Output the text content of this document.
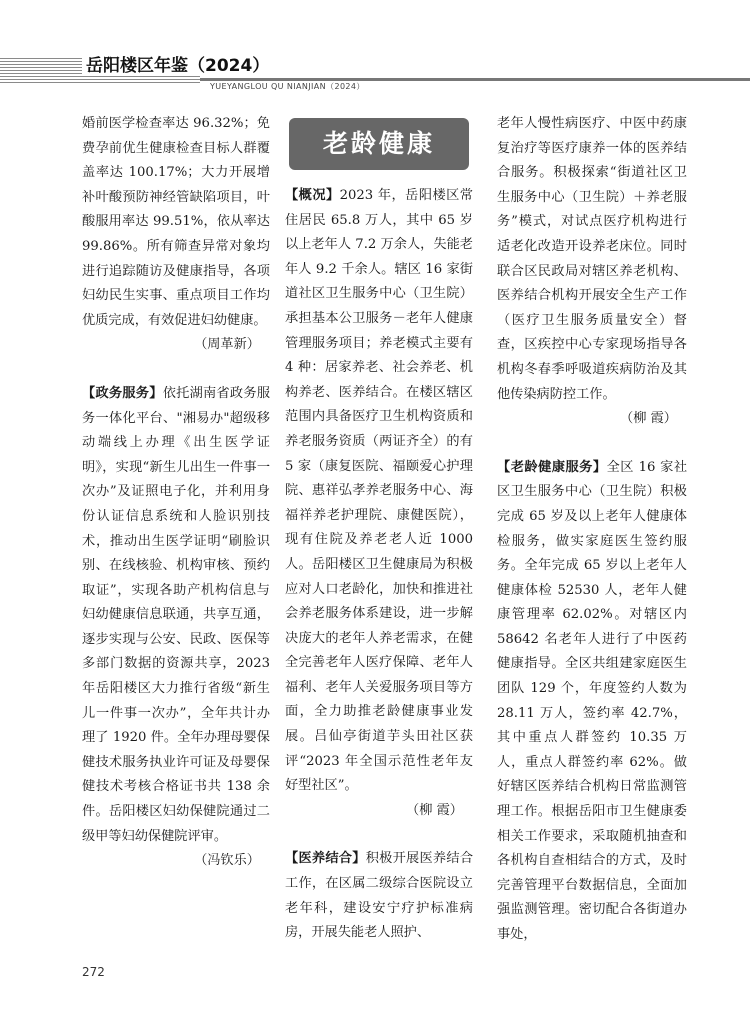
岳阳楼区年鉴（2024）

YUEYANGLOU QU NIANJIAN（2024）

婚前医学检查率达 96.32%；免费孕前优生健康检查目标人群覆盖率达 100.17%；大力开展增补叶酸预防神经管缺陷项目，叶酸服用率达 99.51%，依从率达 99.86%。所有筛查异常对象均进行追踪随访及健康指导，各项妇幼民生实事、重点项目工作均优质完成，有效促进妇幼健康。

（周革新）

【政务服务】依托湖南省政务服务一体化平台、"湘易办"超级移动端线上办理《出生医学证明》，实现“新生儿出生一件事一次办”及证照电子化，并利用身份认证信息系统和人脸识别技术，推动出生医学证明“刷脸识别、在线核验、机构审核、预约取证”，实现各助产机构信息与妇幼健康信息联通，共享互通，逐步实现与公安、民政、医保等多部门数据的资源共享，2023 年岳阳楼区大力推行省级“新生儿一件事一次办”，全年共计办理了 1920 件。全年办理母婴保健技术服务执业许可证及母婴保健技术考核合格证书共 138 余件。岳阳楼区妇幼保健院通过二级甲等妇幼保健院评审。

（冯钦乐）

老龄健康

【概况】2023 年，岳阳楼区常住居民 65.8 万人，其中 65 岁以上老年人 7.2 万余人，失能老年人 9.2 千余人。辖区 16 家街道社区卫生服务中心（卫生院）承担基本公卫服务－老年人健康管理服务项目；养老模式主要有 4 种：居家养老、社会养老、机构养老、医养结合。在楼区辖区范围内具备医疗卫生机构资质和养老服务资质（两证齐全）的有 5 家（康复医院、福颐爱心护理院、惠祥弘孝养老服务中心、海福祥养老护理院、康健医院），现有住院及养老老人近 1000 人。岳阳楼区卫生健康局为积极应对人口老龄化，加快和推进社会养老服务体系建设，进一步解决庞大的老年人养老需求，在健全完善老年人医疗保障、老年人福利、老年人关爱服务项目等方面，全力助推老龄健康事业发展。吕仙亭街道芋头田社区获评“2023 年全国示范性老年友好型社区”。

（柳 霞）

【医养结合】积极开展医养结合工作，在区属二级综合医院设立老年科，建设安宁疗护标准病房，开展失能老人照护、

老年人慢性病医疗、中医中药康复治疗等医疗康养一体的医养结合服务。积极探索“街道社区卫生服务中心（卫生院）＋养老服务”模式，对试点医疗机构进行适老化改造开设养老床位。同时联合区民政局对辖区养老机构、医养结合机构开展安全生产工作（医疗卫生服务质量安全）督查，区疾控中心专家现场指导各机构冬春季呼吸道疾病防治及其他传染病防控工作。

（柳 霞）

【老龄健康服务】全区 16 家社区卫生服务中心（卫生院）积极完成 65 岁及以上老年人健康体检服务，做实家庭医生签约服务。全年完成 65 岁以上老年人健康体检 52530 人，老年人健康管理率 62.02%。对辖区内 58642 名老年人进行了中医药健康指导。全区共组建家庭医生团队 129 个，年度签约人数为 28.11 万人，签约率 42.7%，其中重点人群签约 10.35 万人，重点人群签约率 62%。做好辖区医养结合机构日常监测管理工作。根据岳阳市卫生健康委相关工作要求，采取随机抽查和各机构自查相结合的方式，及时完善管理平台数据信息，全面加强监测管理。密切配合各街道办事处，

272
